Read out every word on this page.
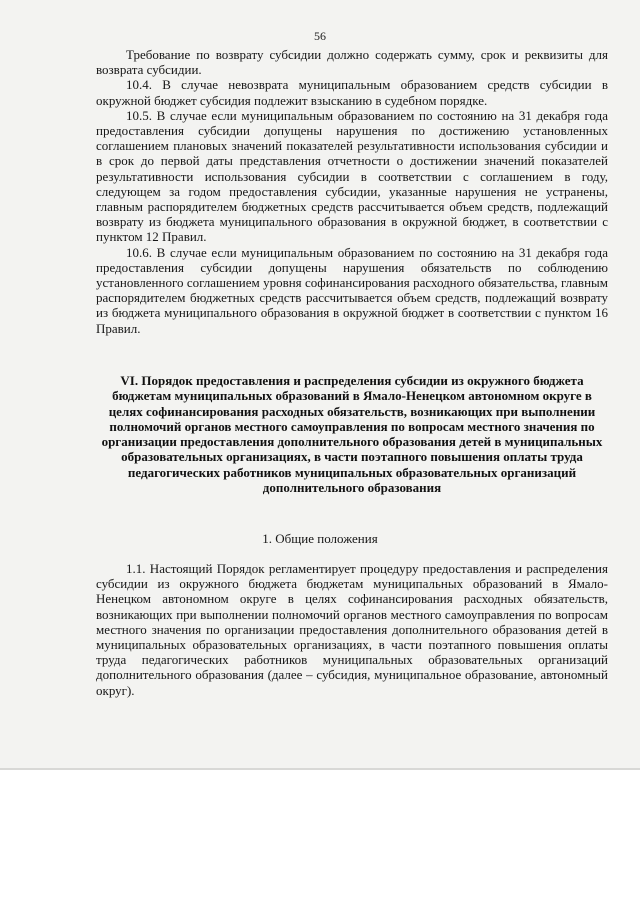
56

Требование по возврату субсидии должно содержать сумму, срок и реквизиты для возврата субсидии.

10.4. В случае невозврата муниципальным образованием средств субсидии в окружной бюджет субсидия подлежит взысканию в судебном порядке.

10.5. В случае если муниципальным образованием по состоянию на 31 декабря года предоставления субсидии допущены нарушения по достижению установленных соглашением плановых значений показателей результативности использования субсидии и в срок до первой даты представления отчетности о достижении значений показателей результативности использования субсидии в соответствии с соглашением в году, следующем за годом предоставления субсидии, указанные нарушения не устранены, главным распорядителем бюджетных средств рассчитывается объем средств, подлежащий возврату из бюджета муниципального образования в окружной бюджет, в соответствии с пунктом 12 Правил.

10.6. В случае если муниципальным образованием по состоянию на 31 декабря года предоставления субсидии допущены нарушения обязательств по соблюдению установленного соглашением уровня софинансирования расходного обязательства, главным распорядителем бюджетных средств рассчитывается объем средств, подлежащий возврату из бюджета муниципального образования в окружной бюджет в соответствии с пунктом 16 Правил.

VI. Порядок предоставления и распределения субсидии из окружного бюджета бюджетам муниципальных образований в Ямало-Ненецком автономном округе в целях софинансирования расходных обязательств, возникающих при выполнении полномочий органов местного самоуправления по вопросам местного значения по организации предоставления дополнительного образования детей в муниципальных образовательных организациях, в части поэтапного повышения оплаты труда педагогических работников муниципальных образовательных организаций дополнительного образования
1. Общие положения

1.1. Настоящий Порядок регламентирует процедуру предоставления и распределения субсидии из окружного бюджета бюджетам муниципальных образований в Ямало-Ненецком автономном округе в целях софинансирования расходных обязательств, возникающих при выполнении полномочий органов местного самоуправления по вопросам местного значения по организации предоставления дополнительного образования детей в муниципальных образовательных организациях, в части поэтапного повышения оплаты труда педагогических работников муниципальных образовательных организаций дополнительного образования (далее – субсидия, муниципальное образование, автономный округ).
